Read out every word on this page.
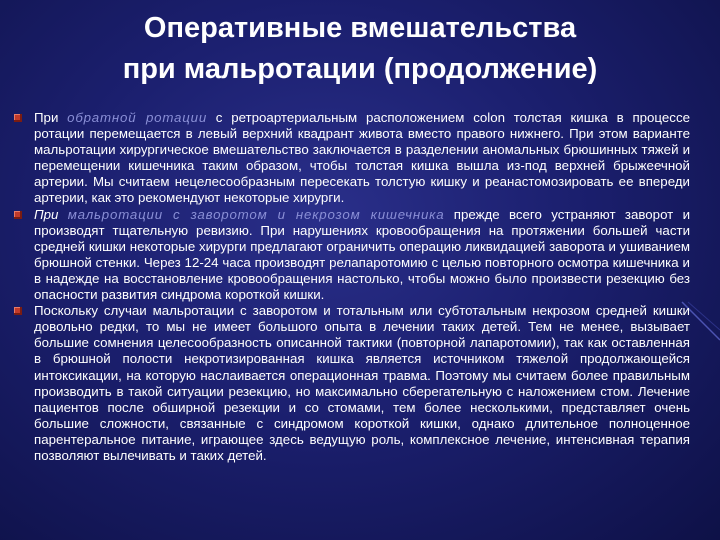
Оперативные вмешательства
при мальротации (продолжение)

При обратной ротации с ретроартериальным расположением colon толстая кишка в процессе ротации перемещается в левый верхний квадрант живота вместо правого нижнего. При этом варианте мальротации хирургическое вмешательство заключается в разделении аномальных брюшинных тяжей и перемещении кишечника таким образом, чтобы толстая кишка вышла из-под верхней брыжеечной артерии. Мы считаем нецелесообразным пересекать толстую кишку и реанастомозировать ее впереди артерии, как это рекомендуют некоторые хирурги.

При мальротации с заворотом и некрозом кишечника прежде всего устраняют заворот и производят тщательную ревизию. При нарушениях кровообращения на протяжении большей части средней кишки некоторые хирурги предлагают ограничить операцию ликвидацией заворота и ушиванием брюшной стенки. Через 12-24 часа производят релапаротомию с целью повторного осмотра кишечника и в надежде на восстановление кровообращения настолько, чтобы можно было произвести резекцию без опасности развития синдрома короткой кишки.

Поскольку случаи мальротации с заворотом и тотальным или субтотальным некрозом средней кишки довольно редки, то мы не имеет большого опыта в лечении таких детей. Тем не менее, вызывает большие сомнения целесообразность описанной тактики (повторной лапаротомии), так как оставленная в брюшной полости некротизированная кишка является источником тяжелой продолжающейся интоксикации, на которую наслаивается операционная травма. Поэтому мы считаем более правильным производить в такой ситуации резекцию, но максимально сберегательную с наложением стом. Лечение пациентов после обширной резекции и со стомами, тем более несколькими, представляет очень большие сложности, связанные с синдромом короткой кишки, однако длительное полноценное парентеральное питание, играющее здесь ведущую роль, комплексное лечение, интенсивная терапия позволяют вылечивать и таких детей.
